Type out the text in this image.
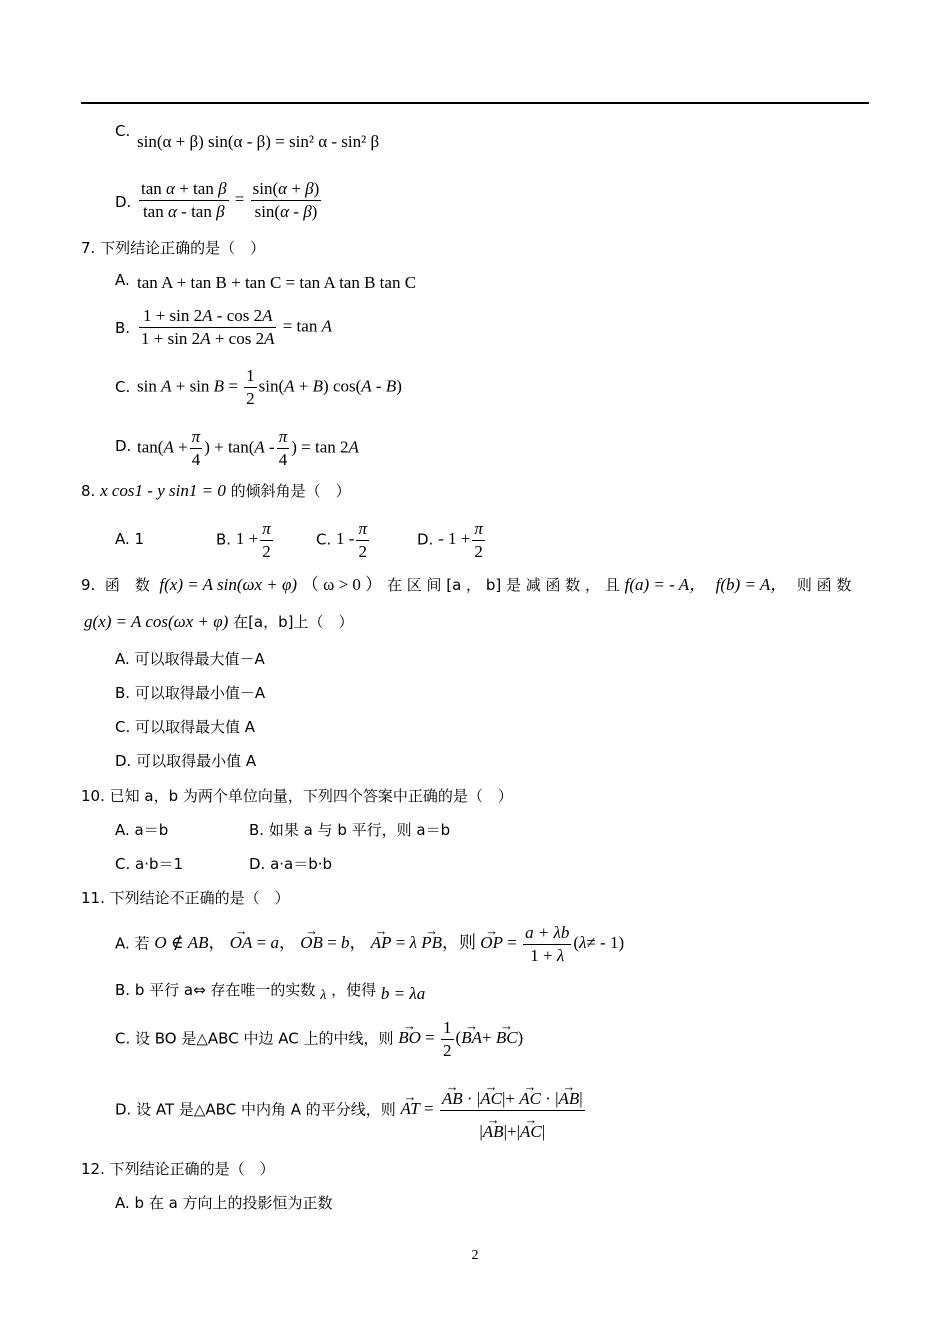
C.
sin(α + β) sin(α - β) = sin² α - sin² β
D. $\frac{\text{tan α + tan β}}{\text{tan α - tan β}} = \frac{\sin(\alpha + \beta)}{\sin(\alpha - \beta)}$
7. 下列结论正确的是（　）
A. tan A + tan B + tan C = tan A tan B tan C
B. $\frac{1 + \sin 2A - \cos 2A}{1 + \sin 2A + \cos 2A} = \tan A$
C. $\sin A + \sin B = \frac{1}{2} \sin(A + B)$ cos(A - B)
D. $\tan(A + \frac{\pi}{4}$ ) + $\tan(A - \frac{\pi}{4}$ ) = tan 2A
8. x cos1 - y sin1 = 0 的倾斜角是（　）
A. 1	B. $1 + \frac{\pi}{2}$	C. $1 - \frac{\pi}{2}$	D. - $1 + \frac{\pi}{2}$
9. 函　数 f(x) = A sin(ωx + φ) （ ω > 0 ） 在 区 间 [a ， b] 是 减 函 数 ， 且 f(a) = - A， f(b) = A， 则 函 数
g(x) = A cos(ωx + φ) 在[a，b]上（　）
A. 可以取得最大值－A
B. 可以取得最小值－A
C. 可以取得最大值 A
D. 可以取得最小值 A
10. 已知 a，b 为两个单位向量，下列四个答案中正确的是（　）
A. a＝b	B. 如果 a 与 b 平行，则 a＝b
C. a·b＝1	D. a·a＝b·b
11. 下列结论不正确的是（　）
A. 若 O ∉ AB， → OA = a， → OB = b， → AP = λ → PB，则 → OP = $\frac{a + \lambda b}{1 + \lambda} (\lambda\ne - 1)$
B. b 平行 a⇔ 存在唯一的实数 λ ，使得 b = λa
C. 设 BO 是△ABC 中边 AC 上的中线，则 → BO = $\frac{1}{2}$ (→ BA+ → BC)
D. 设 AT 是△ABC 中内角 A 的平分线，则 → AT = → $\frac{AB \cdot |\to AC|+ \to AC \cdot |\to AB|}{|\to AB|+|\to AC|}$
12. 下列结论正确的是（　）
A. b 在 a 方向上的投影恒为正数
2
